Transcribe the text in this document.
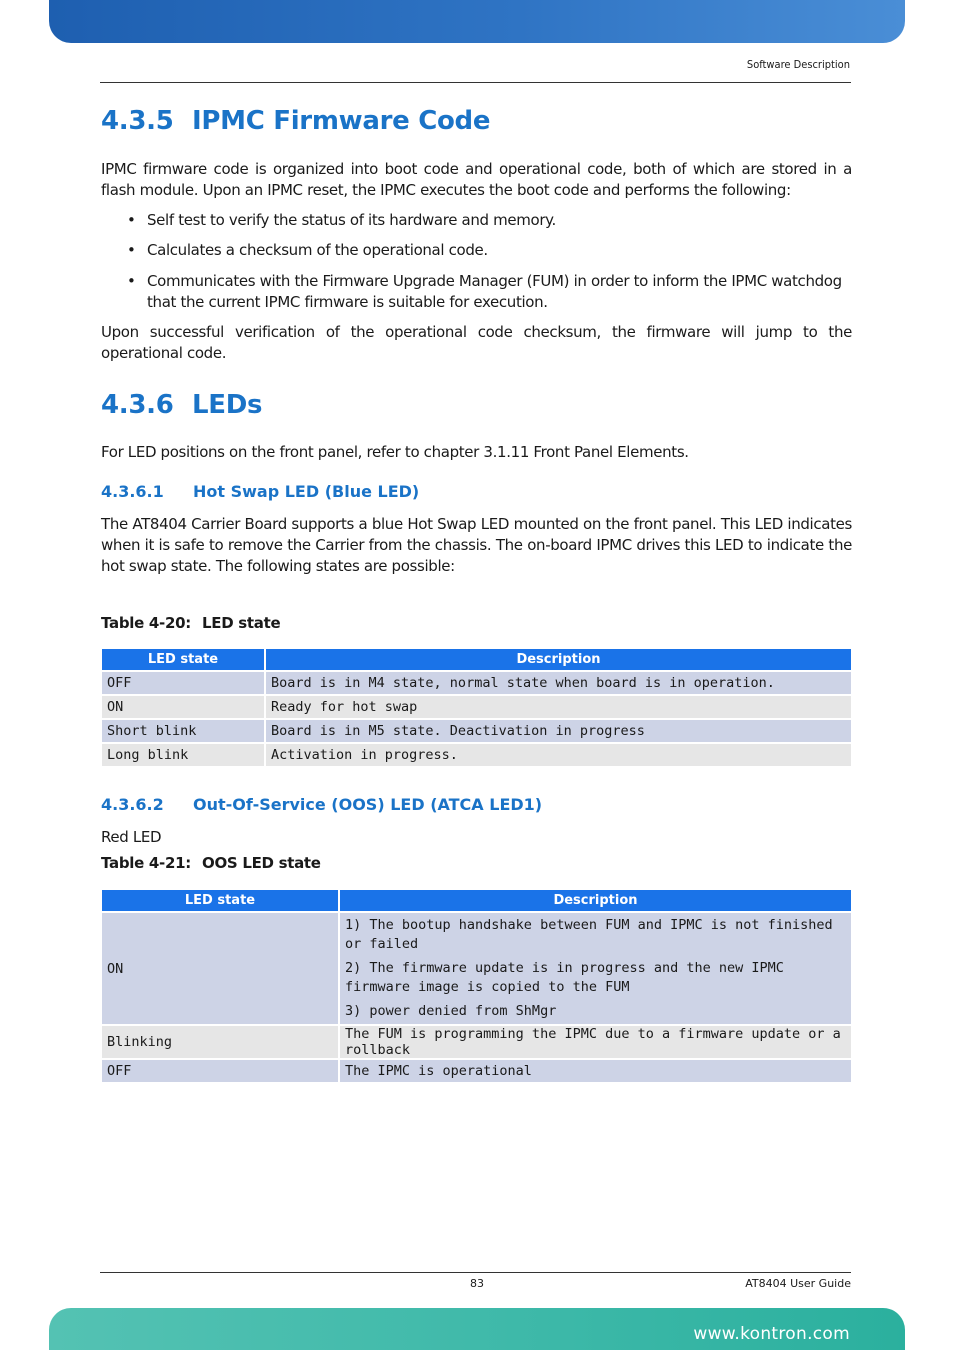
Software Description
4.3.5 IPMC Firmware Code
IPMC firmware code is organized into boot code and operational code, both of which are stored in a flash module. Upon an IPMC reset, the IPMC executes the boot code and performs the following:
• Self test to verify the status of its hardware and memory.
• Calculates a checksum of the operational code.
• Communicates with the Firmware Upgrade Manager (FUM) in order to inform the IPMC watchdog that the current IPMC firmware is suitable for execution.
Upon successful verification of the operational code checksum, the firmware will jump to the operational code.
4.3.6 LEDs
For LED positions on the front panel, refer to chapter 3.1.11 Front Panel Elements.
4.3.6.1 Hot Swap LED (Blue LED)
The AT8404 Carrier Board supports a blue Hot Swap LED mounted on the front panel. This LED indicates when it is safe to remove the Carrier from the chassis. The on-board IPMC drives this LED to indicate the hot swap state. The following states are possible:
Table 4-20: LED state
LED state	Description
OFF	Board is in M4 state, normal state when board is in operation.
ON	Ready for hot swap
Short blink	Board is in M5 state. Deactivation in progress
Long blink	Activation in progress.
4.3.6.2 Out-Of-Service (OOS) LED (ATCA LED1)
Red LED
Table 4-21: OOS LED state
LED state	Description
ON	1) The bootup handshake between FUM and IPMC is not finished or failed
2) The firmware update is in progress and the new IPMC firmware image is copied to the FUM
3) power denied from ShMgr

Blinking	The FUM is programming the IPMC due to a firmware update or a rollback
OFF	The IPMC is operational
83	AT8404 User Guide
www.kontron.com
